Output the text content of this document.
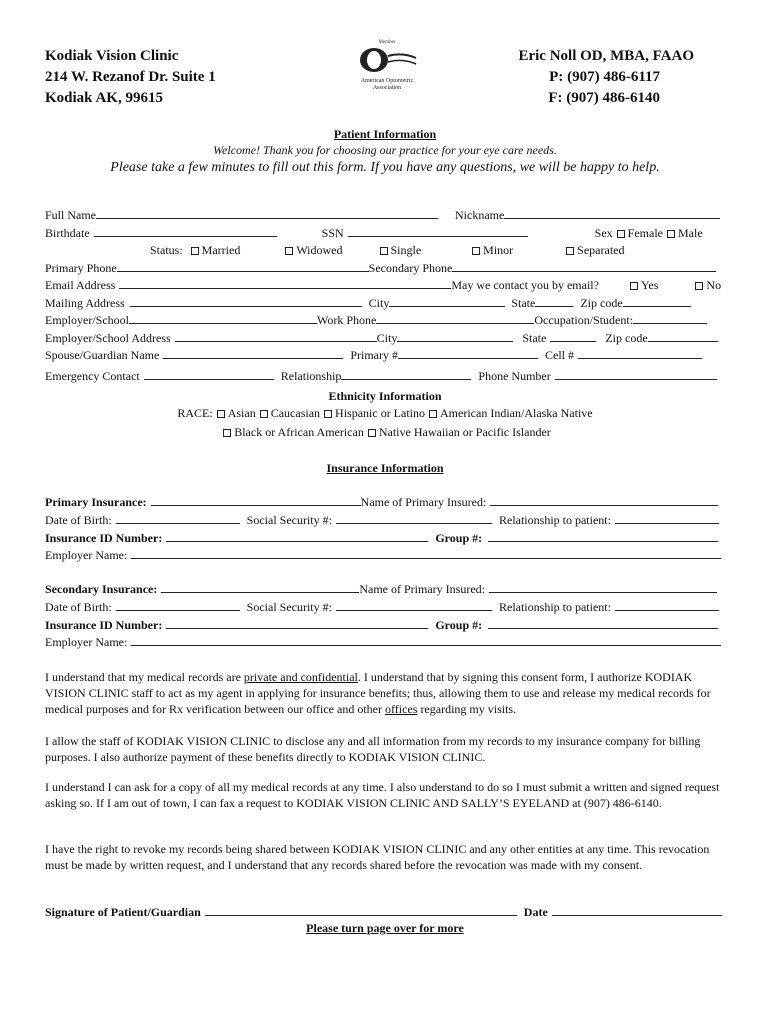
Kodiak Vision Clinic
214 W. Rezanof Dr. Suite 1
Kodiak AK, 99615
Eric Noll OD, MBA, FAAO
P: (907) 486-6117
F: (907) 486-6140
Member
American Optometric
Association
Patient Information
Welcome! Thank you for choosing our practice for your eye care needs.
Please take a few minutes to fill out this form. If you have any questions, we will be happy to help.
Full Name	Nickname
Birthdate	SSN	Sex Female Male
Status: Married	Widowed	Single	Minor	Separated
Primary Phone	Secondary Phone
Email Address	May we contact you by email?	Yes	No
Mailing Address	City	State	Zip code
Employer/School	Work Phone	Occupation/Student:
Employer/School Address	City	State	Zip code
Spouse/Guardian Name	Primary #	Cell #
Emergency Contact	Relationship	Phone Number
Ethnicity Information
RACE: Asian Caucasian Hispanic or Latino American Indian/Alaska Native
Black or African American Native Hawaiian or Pacific Islander
Insurance Information
Primary Insurance:	Name of Primary Insured:
Date of Birth:	Social Security #:	Relationship to patient:
Insurance ID Number:	Group #:
Employer Name:
Secondary Insurance:	Name of Primary Insured:
Date of Birth:	Social Security #:	Relationship to patient:
Insurance ID Number:	Group #:
Employer Name:
I understand that my medical records are private and confidential. I understand that by signing this consent form, I authorize KODIAK VISION CLINIC staff to act as my agent in applying for insurance benefits; thus, allowing them to use and release my medical records for medical purposes and for Rx verification between our office and other offices regarding my visits.
I allow the staff of KODIAK VISION CLINIC to disclose any and all information from my records to my insurance company for billing purposes. I also authorize payment of these benefits directly to KODIAK VISION CLINIC.
I understand I can ask for a copy of all my medical records at any time. I also understand to do so I must submit a written and signed request asking so. If I am out of town, I can fax a request to KODIAK VISION CLINIC AND SALLY’S EYELAND at (907) 486-6140.
I have the right to revoke my records being shared between KODIAK VISION CLINIC and any other entities at any time. This revocation must be made by written request, and I understand that any records shared before the revocation was made with my consent.
Signature of Patient/Guardian	Date
Please turn page over for more
